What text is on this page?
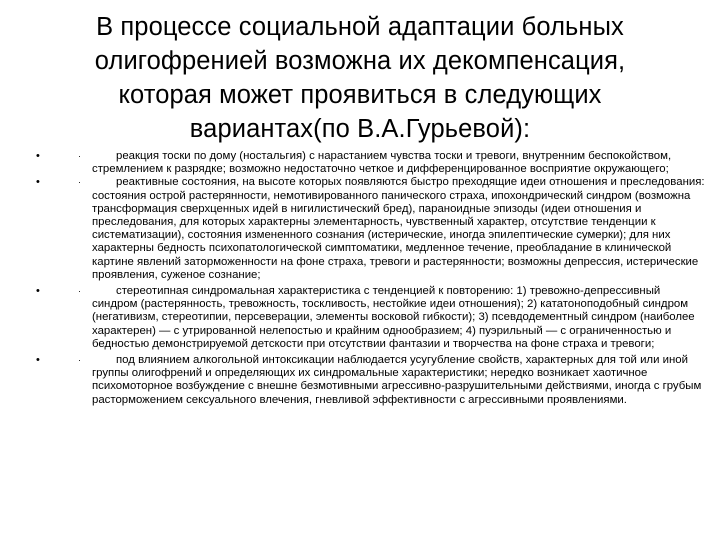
В процессе социальной адаптации больных олигофренией возможна их декомпенсация, которая может проявиться в следующих вариантах(по В.А.Гурьевой):
•	·	реакция тоски по дому (ностальгия) с нарастанием чувства тоски и тревоги, внутренним беспокойством, стремлением к разрядке; возможно недостаточно четкое и дифференцированное восприятие окружающего;
•	·	реактивные состояния, на высоте которых появляются быстро преходящие идеи отношения и преследования: состояния острой растерянности, немотивированного панического страха, ипохондрический синдром (возможна трансформация сверхценных идей в нигилистический бред), параноидные эпизоды (идеи отношения и преследования, для которых характерны элементарность, чувственный характер, отсутствие тенденции к систематизации), состояния измененного сознания (истерические, иногда эпилептические сумерки); для них характерны бедность психопатологической симптоматики, медленное течение, преобладание в клинической картине явлений заторможенности на фоне страха, тревоги и растерянности; возможны депрессия, истерические проявления, суженое сознание;
•	·	стереотипная синдромальная характеристика с тенденцией к повторению: 1) тревожно-депрессивный синдром (растерянность, тревожность, тоскливость, нестойкие идеи отношения); 2) кататоноподобный синдром (негативизм, стереотипии, персеверации, элементы восковой гибкости); 3) псевдодементный синдром (наиболее характерен) — с утрированной нелепостью и крайним однообразием; 4) пуэрильный — с ограниченностью и бедностью демонстрируемой детскости при отсутствии фантазии и творчества на фоне страха и тревоги;
•	·	под влиянием алкогольной интоксикации наблюдается усугубление свойств, характерных для той или иной группы олигофрений и определяющих их синдромальные характеристики; нередко возникает хаотичное психомоторное возбуждение с внешне безмотивными агрессивно-разрушительными действиями, иногда с грубым расторможением сексуального влечения, гневливой эффективности с агрессивными проявлениями.
